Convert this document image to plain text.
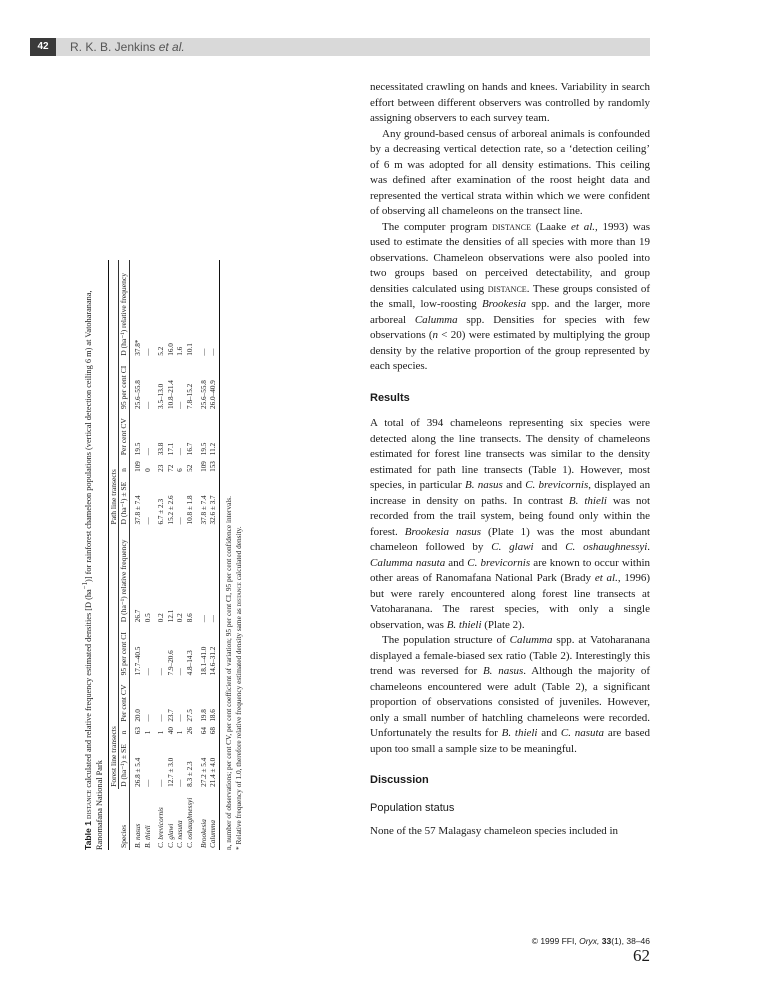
42	R. K. B. Jenkins et al.
Table 1 distance calculated and relative frequency estimated densities [D $(ha^{-1})$] for rainforest chameleon populations (vertical detection ceiling 6 m) at Vatoharanana, Ranomafana National Park
	Forest line transects					Path line transects				
Species	D (ha⁻¹) ± SE	n	Per cent CV	95 per cent CI	D (ha⁻¹) relative frequency	D (ha⁻¹) ± SE	n	Per cent CV	95 per cent CI	D (ha⁻¹) relative frequency

B. nasus	26.8 ± 5.4	63	20.0	17.7–40.5	26.7	37.8 ± 7.4	109	19.5	25.6–55.8	37.8*
B. thieli	—	1	—	—	0.5	—	0	—	—	—

C. brevicornis	—	1	—	—	0.2	6.7 ± 2.3	23	33.8	3.5–13.0	5.2
C. glawi	12.7 ± 3.0	40	23.7	7.9–20.6	12.1	15.2 ± 2.6	72	17.1	10.8–21.4	16.0
C. nasuta	—	1	—	—	0.2	—	6	—	—	1.6
C. oshaughnessyi	8.3 ± 2.3	26	27.5	4.8–14.3	8.6	10.8 ± 1.8	52	16.7	7.8–15.2	10.1

Brookesia	27.2 ± 5.4	64	19.8	18.1–41.0	—	37.8 ± 7.4	109	19.5	25.6–55.8	—
Calumma	21.4 ± 4.0	68	18.6	14.6–31.2	—	32.6 ± 3.7	153	11.2	26.0–40.9	—
n, number of observations; per cent CV, per cent coefficient of variation; 95 per cent CI, 95 per cent confidence intervals. * Relative frequency of 1.0, therefore relative frequency estimated density same as distance calculated density.

necessitated crawling on hands and knees. Variability in search effort between different observers was controlled by randomly assigning observers to each survey team.

Any ground-based census of arboreal animals is confounded by a decreasing vertical detection rate, so a ‘detection ceiling’ of 6 m was adopted for all density estimations. This ceiling was defined after examination of the roost height data and represented the vertical strata within which we were confident of observing all chameleons on the transect line.

The computer program distance (Laake et al., 1993) was used to estimate the densities of all species with more than 19 observations. Chameleon observations were also pooled into two groups based on perceived detectability, and group densities calculated using distance. These groups consisted of the small, low-roosting Brookesia spp. and the larger, more arboreal Calumma spp. Densities for species with few observations (n < 20) were estimated by multiplying the group density by the relative proportion of the group represented by each species.

Results

A total of 394 chameleons representing six species were detected along the line transects. The density of chameleons estimated for forest line transects was similar to the density estimated for path line transects (Table 1). However, most species, in particular B. nasus and C. brevicornis, displayed an increase in density on paths. In contrast B. thieli was not recorded from the trail system, being found only within the forest. Brookesia nasus (Plate 1) was the most abundant chameleon followed by C. glawi and C. oshaughnessyi. Calumma nasuta and C. brevicornis are known to occur within other areas of Ranomafana National Park (Brady et al., 1996) but were rarely encountered along forest line transects at Vatoharanana. The rarest species, with only a single observation, was B. thieli (Plate 2).

The population structure of Calumma spp. at Vatoharanana displayed a female-biased sex ratio (Table 2). Interestingly this trend was reversed for B. nasus. Although the majority of chameleons encountered were adult (Table 2), a significant proportion of observations consisted of juveniles. However, only a small number of hatchling chameleons were recorded. Unfortunately the results for B. thieli and C. nasuta are based upon too small a sample size to be meaningful.

Discussion
Population status

None of the 57 Malagasy chameleon species included in

© 1999 FFI, Oryx, 33(1), 38–46
62
